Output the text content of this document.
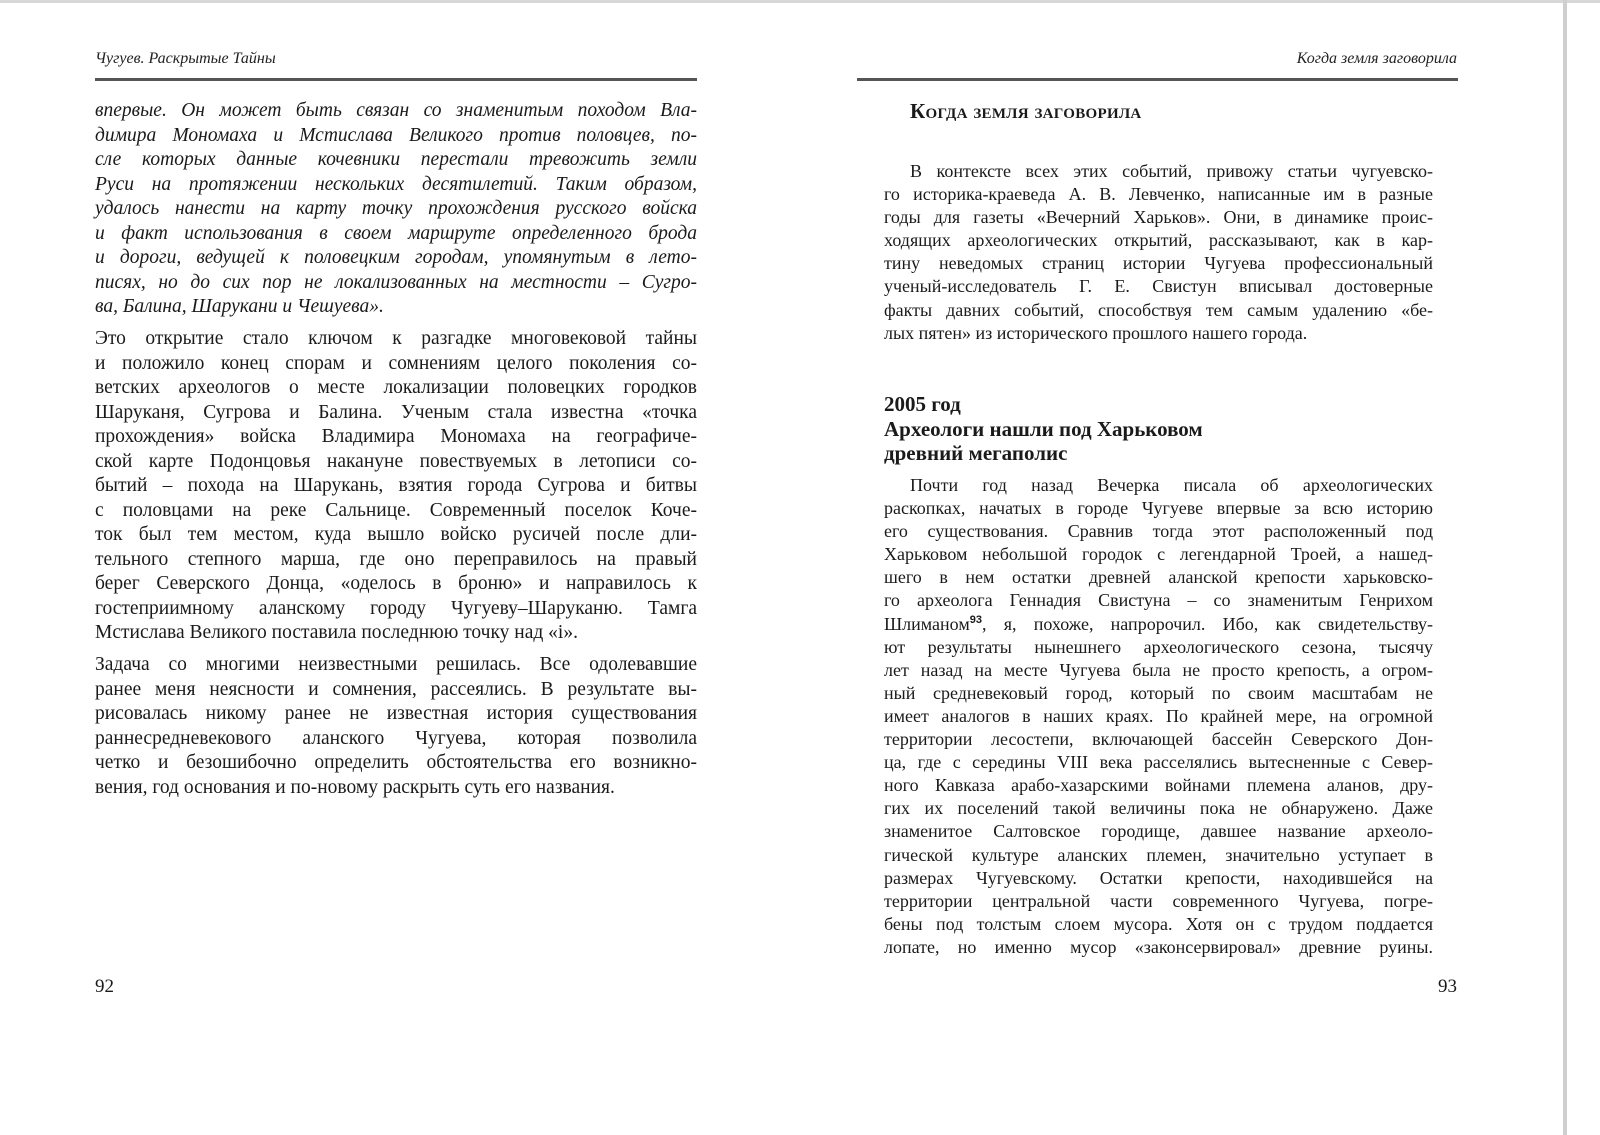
Чугуев. Раскрытые Тайны
впервые. Он может быть связан со знаменитым походом Вла-
димира Мономаха и Мстислава Великого против половцев, по-
сле которых данные кочевники перестали тревожить земли
Руси на протяжении нескольких десятилетий. Таким образом,
удалось нанести на карту точку прохождения русского войска
и факт использования в своем маршруте определенного брода
и дороги, ведущей к половецким городам, упомянутым в лето-
писях, но до сих пор не локализованных на местности – Сугро-
ва, Балина, Шарукани и Чешуева».
Это открытие стало ключом к разгадке многовековой тайны
и положило конец спорам и сомнениям целого поколения со-
ветских археологов о месте локализации половецких городков
Шаруканя, Сугрова и Балина. Ученым стала известна «точка
прохождения» войска Владимира Мономаха на географиче-
ской карте Подонцовья накануне повествуемых в летописи со-
бытий – похода на Шарукань, взятия города Сугрова и битвы
с половцами на реке Сальнице. Современный поселок Коче-
ток был тем местом, куда вышло войско русичей после дли-
тельного степного марша, где оно переправилось на правый
берег Северского Донца, «оделось в броню» и направилось к
гостеприимному аланскому городу Чугуеву–Шаруканю. Тамга
Мстислава Великого поставила последнюю точку над «і».
Задача со многими неизвестными решилась. Все одолевавшие
ранее меня неясности и сомнения, рассеялись. В результате вы-
рисовалась никому ранее не известная история существования
раннесредневекового аланского Чугуева, которая позволила
четко и безошибочно определить обстоятельства его возникно-
вения, год основания и по-новому раскрыть суть его названия.
92
Когда земля заговорила
Когда земля заговорила
В контексте всех этих событий, привожу статьи чугуевско-
го историка-краеведа А. В. Левченко, написанные им в разные
годы для газеты «Вечерний Харьков». Они, в динамике проис-
ходящих археологических открытий, рассказывают, как в кар-
тину неведомых страниц истории Чугуева профессиональный
ученый-исследователь Г. Е. Свистун вписывал достоверные
факты давних событий, способствуя тем самым удалению «бе-
лых пятен» из исторического прошлого нашего города.
2005 год
Археологи нашли под Харьковом
древний мегаполис
Почти год назад Вечерка писала об археологических
раскопках, начатых в городе Чугуеве впервые за всю историю
его существования. Сравнив тогда этот расположенный под
Харьковом небольшой городок с легендарной Троей, а нашед-
шего в нем остатки древней аланской крепости харьковско-
го археолога Геннадия Свистуна – со знаменитым Генрихом
Шлиманом$^{93}$, я, похоже, напророчил. Ибо, как свидетельству-
ют результаты нынешнего археологического сезона, тысячу
лет назад на месте Чугуева была не просто крепость, а огром-
ный средневековый город, который по своим масштабам не
имеет аналогов в наших краях. По крайней мере, на огромной
территории лесостепи, включающей бассейн Северского Дон-
ца, где с середины VIII века расселялись вытесненные с Север-
ного Кавказа арабо-хазарскими войнами племена аланов, дру-
гих их поселений такой величины пока не обнаружено. Даже
знаменитое Салтовское городище, давшее название археоло-
гической культуре аланских племен, значительно уступает в
размерах Чугуевскому. Остатки крепости, находившейся на
территории центральной части современного Чугуева, погре-
бены под толстым слоем мусора. Хотя он с трудом поддается
лопате, но именно мусор «законсервировал» древние руины.
93
